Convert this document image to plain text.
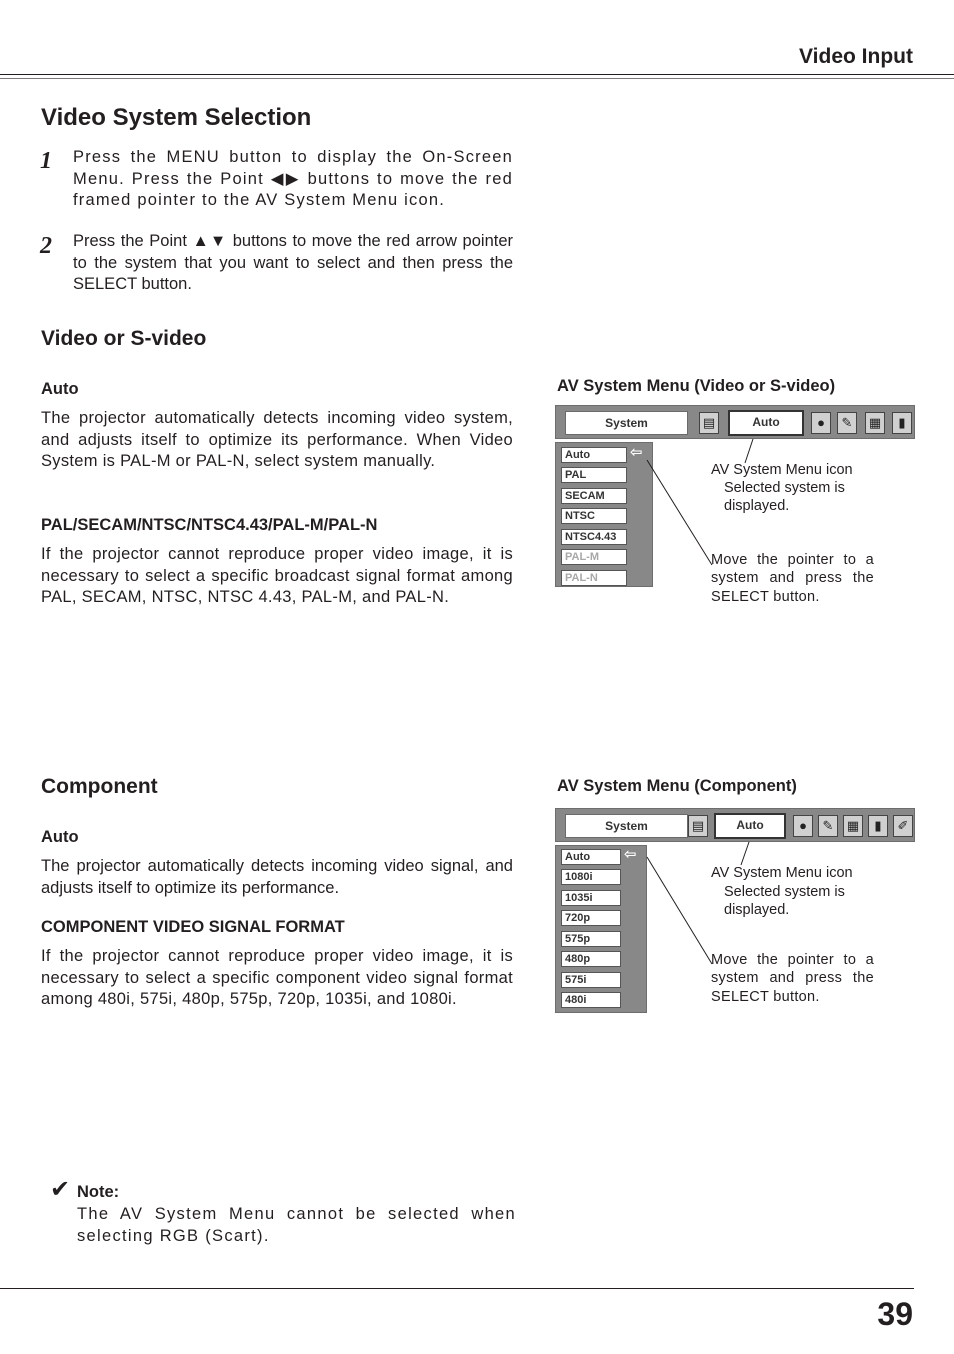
Video Input
Video System Selection
1 Press the MENU button to display the On-Screen Menu. Press the Point ◀▶ buttons to move the red framed pointer to the AV System Menu icon.
2 Press the Point ▲▼ buttons to move the red arrow pointer to the system that you want to select and then press the SELECT button.
Video or S-video
Auto
The projector automatically detects incoming video system, and adjusts itself to optimize its performance. When Video System is PAL-M or PAL-N, select system manually.
PAL/SECAM/NTSC/NTSC4.43/PAL-M/PAL-N
If the projector cannot reproduce proper video image, it is necessary to select a specific broadcast signal format among PAL, SECAM, NTSC, NTSC 4.43, PAL-M, and PAL-N.
AV System Menu (Video or S-video)
System	▤	Auto	●	✎	▦	▮
Auto
PAL
SECAM
NTSC
NTSC4.43
PAL-M
PAL-N
⇦
AV System Menu icon
Selected system is
displayed.
Move the pointer to a system and press the SELECT button.
Component
Auto
The projector automatically detects incoming video signal, and adjusts itself to optimize its performance.
COMPONENT VIDEO SIGNAL FORMAT
If the projector cannot reproduce proper video image, it is necessary to select a specific component video signal format among 480i, 575i, 480p, 575p, 720p, 1035i, and 1080i.
AV System Menu (Component)
System	▤	Auto	●	✎	▦	▮	✐
Auto
1080i
1035i
720p
575p
480p
575i
480i
⇦
AV System Menu icon
Selected system is
displayed.
Move the pointer to a system and press the SELECT button.
✔ Note:
The AV System Menu cannot be selected when selecting RGB (Scart).
39
